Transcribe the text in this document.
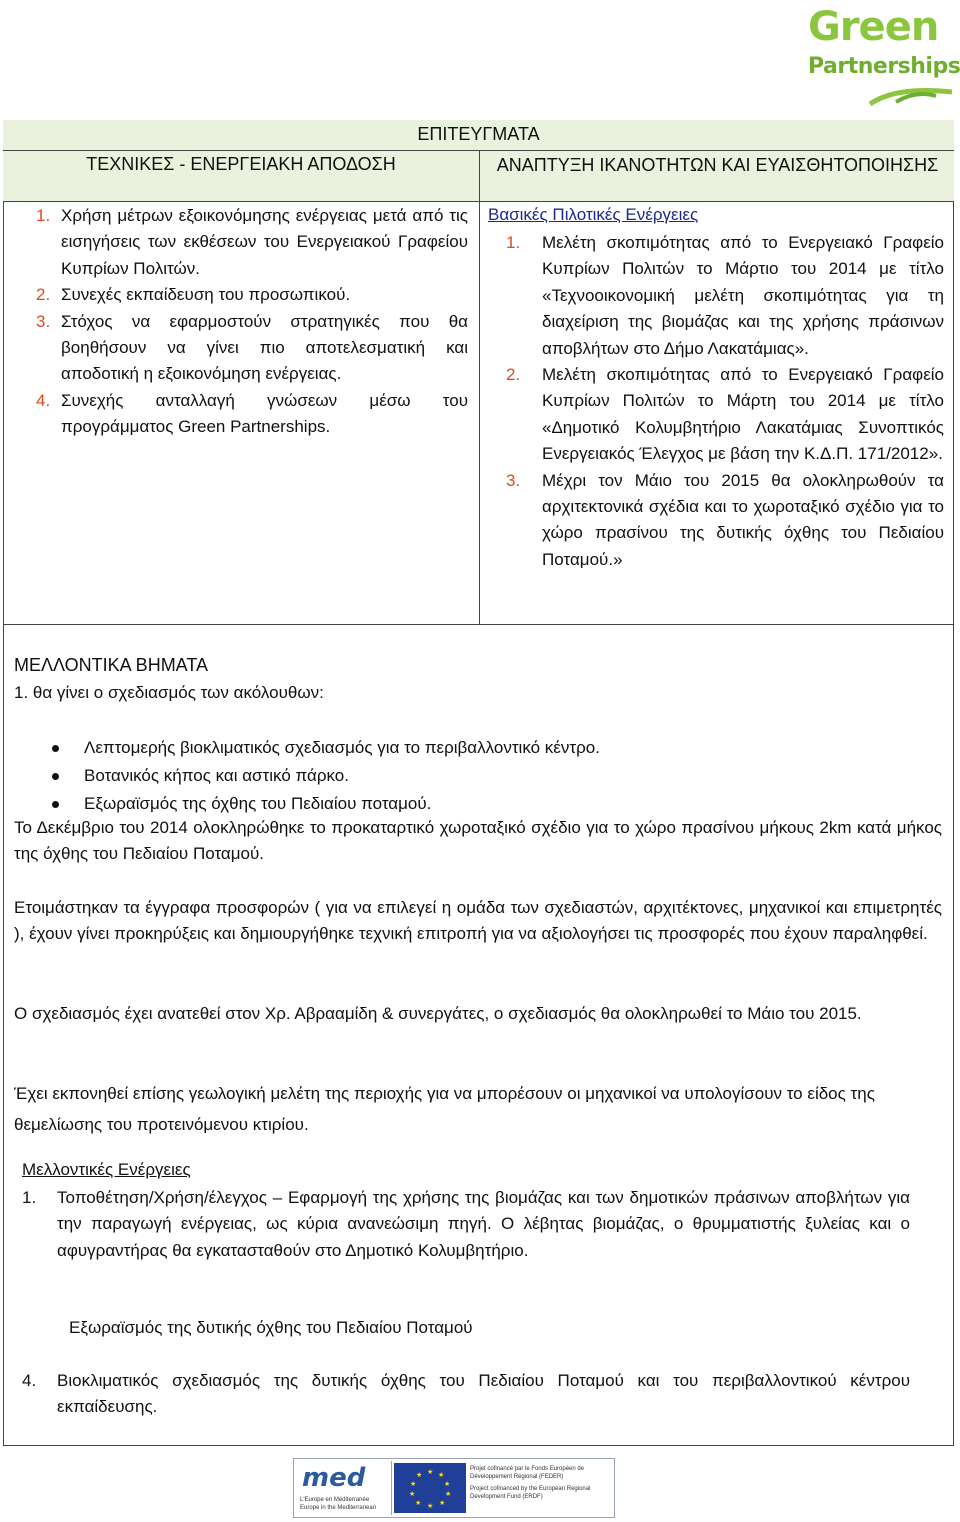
Green
Partnerships
ΕΠΙΤΕΥΓΜΑΤΑ
ΤΕΧΝΙΚΕΣ - ΕΝΕΡΓΕΙΑΚΗ ΑΠΟΔΟΣΗ	ΑΝΑΠΤΥΞΗ ΙΚΑΝΟΤΗΤΩΝ ΚΑΙ ΕΥΑΙΣΘΗΤΟΠΟΙΗΣΗΣ
1. Χρήση μέτρων εξοικονόμησης ενέργειας μετά από τις εισηγήσεις των εκθέσεων του Ενεργειακού Γραφείου Κυπρίων Πολιτών.
2. Συνεχές εκπαίδευση του προσωπικού.
3. Στόχος να εφαρμοστούν στρατηγικές που θα βοηθήσουν να γίνει πιο αποτελεσματική και αποδοτική η εξοικονόμηση ενέργειας.
4. Συνεχής ανταλλαγή γνώσεων μέσω του προγράμματος Green Partnerships.
Βασικές Πιλοτικές Ενέργειες
1. Μελέτη σκοπιμότητας από το Ενεργειακό Γραφείο Κυπρίων Πολιτών το Μάρτιο του 2014 με τίτλο «Τεχνοοικονομική μελέτη σκοπιμότητας για τη διαχείριση της βιομάζας και της χρήσης πράσινων αποβλήτων στο Δήμο Λακατάμιας».
2. Μελέτη σκοπιμότητας από το Ενεργειακό Γραφείο Κυπρίων Πολιτών το Μάρτη του 2014 με τίτλο «Δημοτικό Κολυμβητήριο Λακατάμιας Συνοπτικός Ενεργειακός Έλεγχος με βάση την Κ.Δ.Π. 171/2012».
3. Μέχρι τον Μάιο του 2015 θα ολοκληρωθούν τα αρχιτεκτονικά σχέδια και το χωροταξικό σχέδιο για το χώρο πρασίνου της δυτικής όχθης του Πεδιαίου Ποταμού.»
ΜΕΛΛΟΝΤΙΚΑ ΒΗΜΑΤΑ
1. θα γίνει ο σχεδιασμός των ακόλουθων:
Λεπτομερής βιοκλιματικός σχεδιασμός για το περιβαλλοντικό κέντρο.
Βοτανικός κήπος και αστικό πάρκο.
Εξωραϊσμός της όχθης του Πεδιαίου ποταμού.
Το Δεκέμβριο του 2014 ολοκληρώθηκε το προκαταρτικό χωροταξικό σχέδιο για το χώρο πρασίνου μήκους 2km κατά μήκος της όχθης του Πεδιαίου Ποταμού.
Ετοιμάστηκαν τα έγγραφα προσφορών ( για να επιλεγεί η ομάδα των σχεδιαστών, αρχιτέκτονες, μηχανικοί και επιμετρητές ), έχουν γίνει προκηρύξεις και δημιουργήθηκε τεχνική επιτροπή για να αξιολογήσει τις προσφορές που έχουν παραληφθεί.
Ο σχεδιασμός έχει ανατεθεί στον Χρ. Αβρααμίδη & συνεργάτες, ο σχεδιασμός θα ολοκληρωθεί το Μάιο του 2015.
Έχει εκπονηθεί επίσης γεωλογική μελέτη της περιοχής για να μπορέσουν οι μηχανικοί να υπολογίσουν το είδος της θεμελίωσης του προτεινόμενου κτιρίου.
Μελλοντικές Ενέργειες
1. Τοποθέτηση/Χρήση/έλεγχος – Εφαρμογή της χρήσης της βιομάζας και των δημοτικών πράσινων αποβλήτων για την παραγωγή ενέργειας, ως κύρια ανανεώσιμη πηγή. Ο λέβητας βιομάζας, ο θρυμματιστής ξυλείας και ο αφυγραντήρας θα εγκατασταθούν στο Δημοτικό Κολυμβητήριο.
Εξωραϊσμός της δυτικής όχθης του Πεδιαίου Ποταμού
4. Βιοκλιματικός σχεδιασμός της δυτικής όχθης του Πεδιαίου Ποταμού και του περιβαλλοντικού κέντρου εκπαίδευσης.
med
L'Europe en Méditerranée
Europe in the Mediterranean
★ ★
★
★
★
★
★
★
★
★
Projet cofinancé par le Fonds Européen de Développement Régional (FEDER)
Project cofinanced by the European Regional Development Fund (ERDF)
